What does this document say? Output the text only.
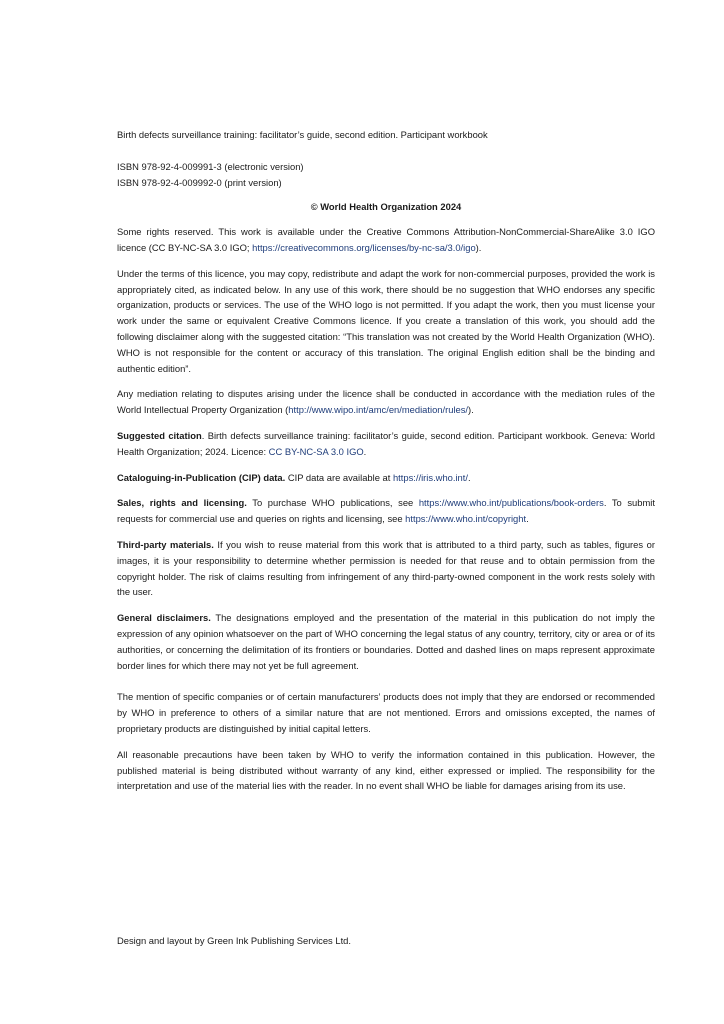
Birth defects surveillance training: facilitator’s guide, second edition. Participant workbook

ISBN 978-92-4-009991-3 (electronic version)

ISBN 978-92-4-009992-0 (print version)

© World Health Organization 2024

Some rights reserved. This work is available under the Creative Commons Attribution-NonCommercial-ShareAlike 3.0 IGO licence (CC BY-NC-SA 3.0 IGO; https://creativecommons.org/licenses/by-nc-sa/3.0/igo).

Under the terms of this licence, you may copy, redistribute and adapt the work for non-commercial purposes, provided the work is appropriately cited, as indicated below. In any use of this work, there should be no suggestion that WHO endorses any specific organization, products or services. The use of the WHO logo is not permitted. If you adapt the work, then you must license your work under the same or equivalent Creative Commons licence. If you create a translation of this work, you should add the following disclaimer along with the suggested citation: “This translation was not created by the World Health Organization (WHO). WHO is not responsible for the content or accuracy of this translation. The original English edition shall be the binding and authentic edition”.

Any mediation relating to disputes arising under the licence shall be conducted in accordance with the mediation rules of the World Intellectual Property Organization (http://www.wipo.int/amc/en/mediation/rules/).

Suggested citation. Birth defects surveillance training: facilitator’s guide, second edition. Participant workbook. Geneva: World Health Organization; 2024. Licence: CC BY-NC-SA 3.0 IGO.

Cataloguing-in-Publication (CIP) data. CIP data are available at https://iris.who.int/.

Sales, rights and licensing. To purchase WHO publications, see https://www.who.int/publications/book-orders. To submit requests for commercial use and queries on rights and licensing, see https://www.who.int/copyright.

Third-party materials. If you wish to reuse material from this work that is attributed to a third party, such as tables, figures or images, it is your responsibility to determine whether permission is needed for that reuse and to obtain permission from the copyright holder. The risk of claims resulting from infringement of any third-party-owned component in the work rests solely with the user.

General disclaimers. The designations employed and the presentation of the material in this publication do not imply the expression of any opinion whatsoever on the part of WHO concerning the legal status of any country, territory, city or area or of its authorities, or concerning the delimitation of its frontiers or boundaries. Dotted and dashed lines on maps represent approximate border lines for which there may not yet be full agreement.

The mention of specific companies or of certain manufacturers’ products does not imply that they are endorsed or recommended by WHO in preference to others of a similar nature that are not mentioned. Errors and omissions excepted, the names of proprietary products are distinguished by initial capital letters.

All reasonable precautions have been taken by WHO to verify the information contained in this publication. However, the published material is being distributed without warranty of any kind, either expressed or implied. The responsibility for the interpretation and use of the material lies with the reader. In no event shall WHO be liable for damages arising from its use.

Design and layout by Green Ink Publishing Services Ltd.
